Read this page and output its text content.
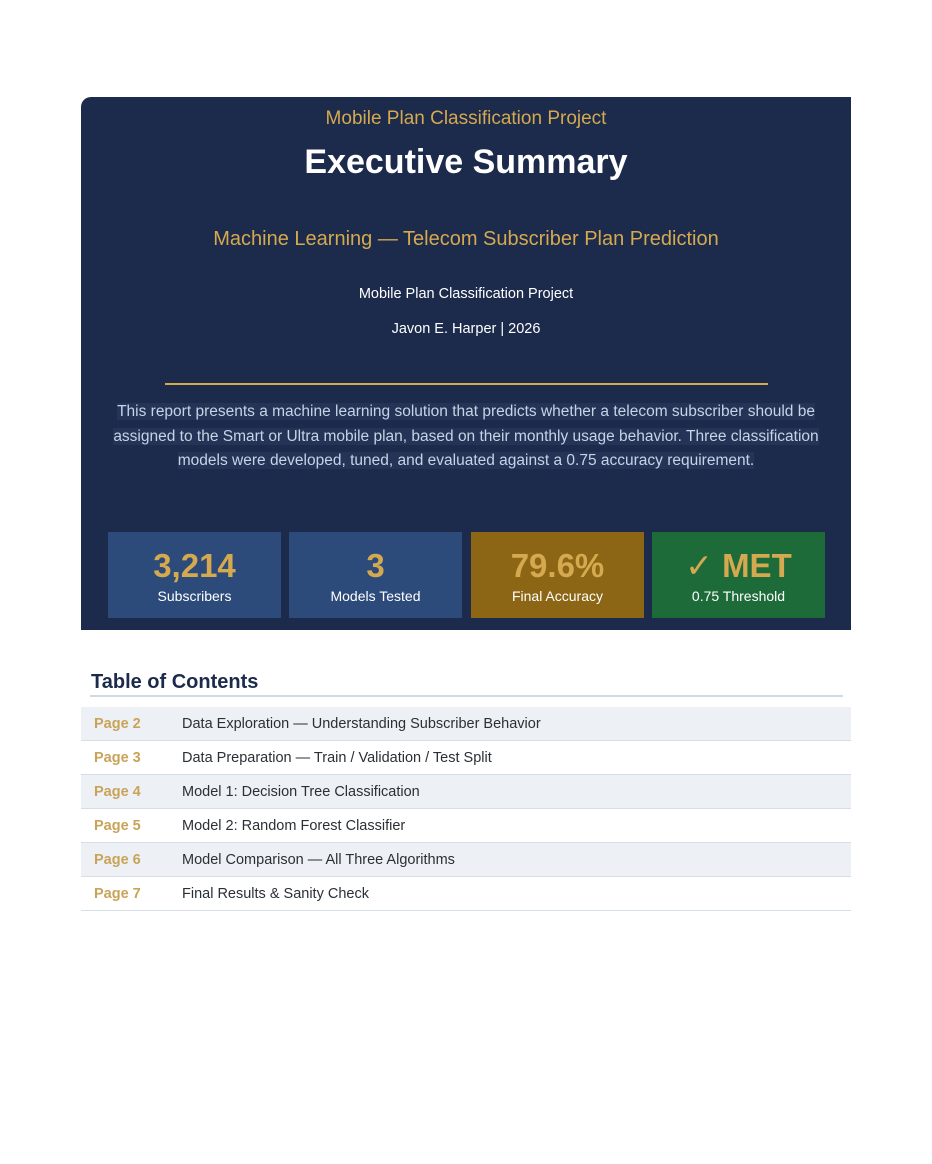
Mobile Plan Classification Project
Executive Summary
Machine Learning — Telecom Subscriber Plan Prediction
Mobile Plan Classification Project
Javon E. Harper | 2026
This report presents a machine learning solution that predicts whether a telecom subscriber should be assigned to the Smart or Ultra mobile plan, based on their monthly usage behavior. Three classification models were developed, tuned, and evaluated against a 0.75 accuracy requirement.
3,214
Subscribers
3
Models Tested
79.6%
Final Accuracy
✓ MET
0.75 Threshold
Table of Contents
Page 2	Data Exploration — Understanding Subscriber Behavior
Page 3	Data Preparation — Train / Validation / Test Split
Page 4	Model 1: Decision Tree Classification
Page 5	Model 2: Random Forest Classifier
Page 6	Model Comparison — All Three Algorithms
Page 7	Final Results & Sanity Check
